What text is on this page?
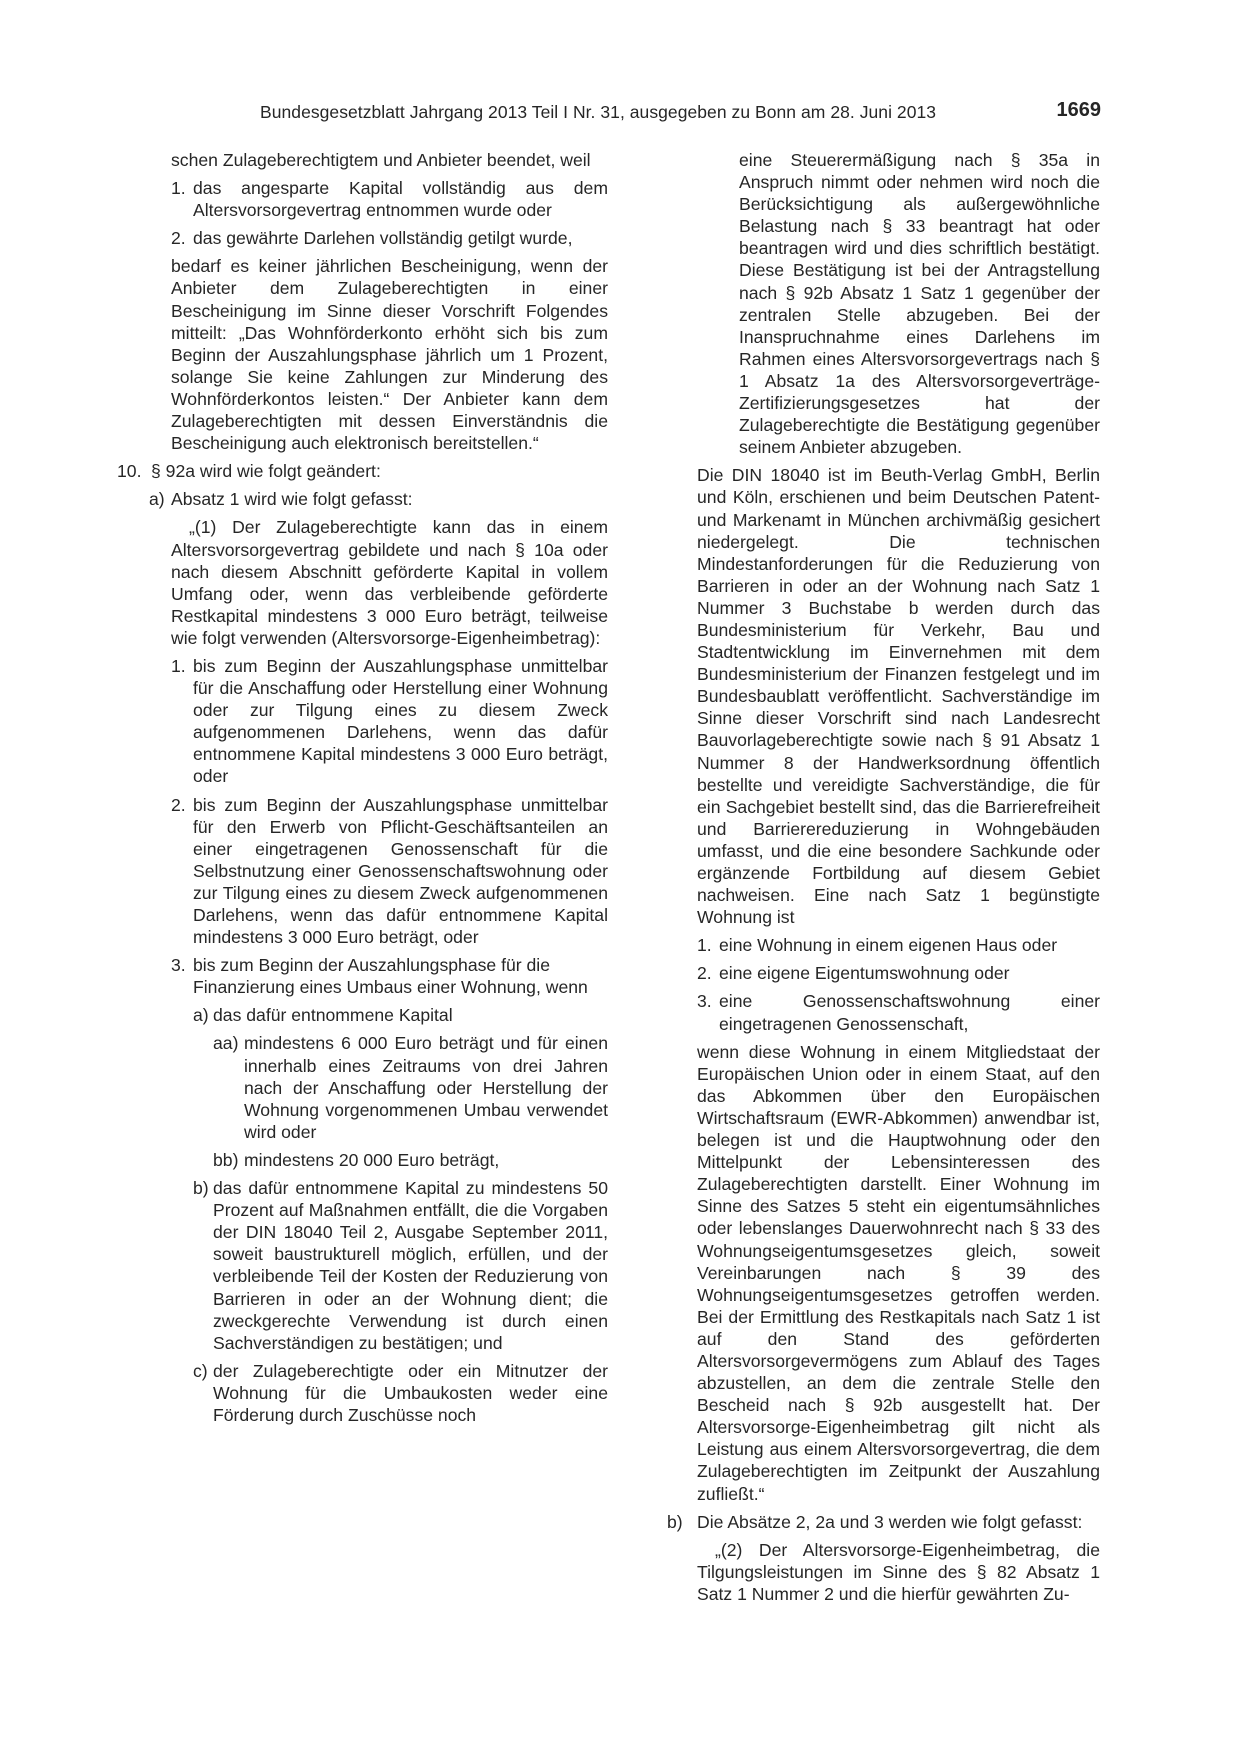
Bundesgesetzblatt Jahrgang 2013 Teil I Nr. 31, ausgegeben zu Bonn am 28. Juni 2013	1669

schen Zulageberechtigtem und Anbieter beendet, weil

1. das angesparte Kapital vollständig aus dem Altersvorsorgevertrag entnommen wurde oder

2. das gewährte Darlehen vollständig getilgt wurde,

bedarf es keiner jährlichen Bescheinigung, wenn der Anbieter dem Zulageberechtigten in einer Bescheinigung im Sinne dieser Vorschrift Folgendes mitteilt: „Das Wohnförderkonto erhöht sich bis zum Beginn der Auszahlungsphase jährlich um 1 Prozent, solange Sie keine Zahlungen zur Minderung des Wohnförderkontos leisten.“ Der Anbieter kann dem Zulageberechtigten mit dessen Einverständnis die Bescheinigung auch elektronisch bereitstellen.“

10. § 92a wird wie folgt geändert:

a) Absatz 1 wird wie folgt gefasst:

„(1) Der Zulageberechtigte kann das in einem Altersvorsorgevertrag gebildete und nach § 10a oder nach diesem Abschnitt geförderte Kapital in vollem Umfang oder, wenn das verbleibende geförderte Restkapital mindestens 3 000 Euro beträgt, teilweise wie folgt verwenden (Altersvorsorge-Eigenheimbetrag):

1. bis zum Beginn der Auszahlungsphase unmittelbar für die Anschaffung oder Herstellung einer Wohnung oder zur Tilgung eines zu diesem Zweck aufgenommenen Darlehens, wenn das dafür entnommene Kapital mindestens 3 000 Euro beträgt, oder

2. bis zum Beginn der Auszahlungsphase unmittelbar für den Erwerb von Pflicht-Geschäftsanteilen an einer eingetragenen Genossenschaft für die Selbstnutzung einer Genossenschaftswohnung oder zur Tilgung eines zu diesem Zweck aufgenommenen Darlehens, wenn das dafür entnommene Kapital mindestens 3 000 Euro beträgt, oder

3. bis zum Beginn der Auszahlungsphase für die Finanzierung eines Umbaus einer Wohnung, wenn

a) das dafür entnommene Kapital

aa) mindestens 6 000 Euro beträgt und für einen innerhalb eines Zeitraums von drei Jahren nach der Anschaffung oder Herstellung der Wohnung vorgenommenen Umbau verwendet wird oder

bb) mindestens 20 000 Euro beträgt,

b) das dafür entnommene Kapital zu mindestens 50 Prozent auf Maßnahmen entfällt, die die Vorgaben der DIN 18040 Teil 2, Ausgabe September 2011, soweit baustrukturell möglich, erfüllen, und der verbleibende Teil der Kosten der Reduzierung von Barrieren in oder an der Wohnung dient; die zweckgerechte Verwendung ist durch einen Sachverständigen zu bestätigen; und

c) der Zulageberechtigte oder ein Mitnutzer der Wohnung für die Umbaukosten weder eine Förderung durch Zuschüsse noch

eine Steuerermäßigung nach § 35a in Anspruch nimmt oder nehmen wird noch die Berücksichtigung als außergewöhnliche Belastung nach § 33 beantragt hat oder beantragen wird und dies schriftlich bestätigt. Diese Bestätigung ist bei der Antragstellung nach § 92b Absatz 1 Satz 1 gegenüber der zentralen Stelle abzugeben. Bei der Inanspruchnahme eines Darlehens im Rahmen eines Altersvorsorgevertrags nach § 1 Absatz 1a des Altersvorsorgeverträge-Zertifizierungsgesetzes hat der Zulageberechtigte die Bestätigung gegenüber seinem Anbieter abzugeben.

Die DIN 18040 ist im Beuth-Verlag GmbH, Berlin und Köln, erschienen und beim Deutschen Patent- und Markenamt in München archivmäßig gesichert niedergelegt. Die technischen Mindestanforderungen für die Reduzierung von Barrieren in oder an der Wohnung nach Satz 1 Nummer 3 Buchstabe b werden durch das Bundesministerium für Verkehr, Bau und Stadtentwicklung im Einvernehmen mit dem Bundesministerium der Finanzen festgelegt und im Bundesbaublatt veröffentlicht. Sachverständige im Sinne dieser Vorschrift sind nach Landesrecht Bauvorlageberechtigte sowie nach § 91 Absatz 1 Nummer 8 der Handwerksordnung öffentlich bestellte und vereidigte Sachverständige, die für ein Sachgebiet bestellt sind, das die Barrierefreiheit und Barrierereduzierung in Wohngebäuden umfasst, und die eine besondere Sachkunde oder ergänzende Fortbildung auf diesem Gebiet nachweisen. Eine nach Satz 1 begünstigte Wohnung ist

1. eine Wohnung in einem eigenen Haus oder

2. eine eigene Eigentumswohnung oder

3. eine Genossenschaftswohnung einer eingetragenen Genossenschaft,

wenn diese Wohnung in einem Mitgliedstaat der Europäischen Union oder in einem Staat, auf den das Abkommen über den Europäischen Wirtschaftsraum (EWR-Abkommen) anwendbar ist, belegen ist und die Hauptwohnung oder den Mittelpunkt der Lebensinteressen des Zulageberechtigten darstellt. Einer Wohnung im Sinne des Satzes 5 steht ein eigentumsähnliches oder lebenslanges Dauerwohnrecht nach § 33 des Wohnungseigentumsgesetzes gleich, soweit Vereinbarungen nach § 39 des Wohnungseigentumsgesetzes getroffen werden. Bei der Ermittlung des Restkapitals nach Satz 1 ist auf den Stand des geförderten Altersvorsorgevermögens zum Ablauf des Tages abzustellen, an dem die zentrale Stelle den Bescheid nach § 92b ausgestellt hat. Der Altersvorsorge-Eigenheimbetrag gilt nicht als Leistung aus einem Altersvorsorgevertrag, die dem Zulageberechtigten im Zeitpunkt der Auszahlung zufließt.“

b) Die Absätze 2, 2a und 3 werden wie folgt gefasst:

„(2) Der Altersvorsorge-Eigenheimbetrag, die Tilgungsleistungen im Sinne des § 82 Absatz 1 Satz 1 Nummer 2 und die hierfür gewährten Zu-
